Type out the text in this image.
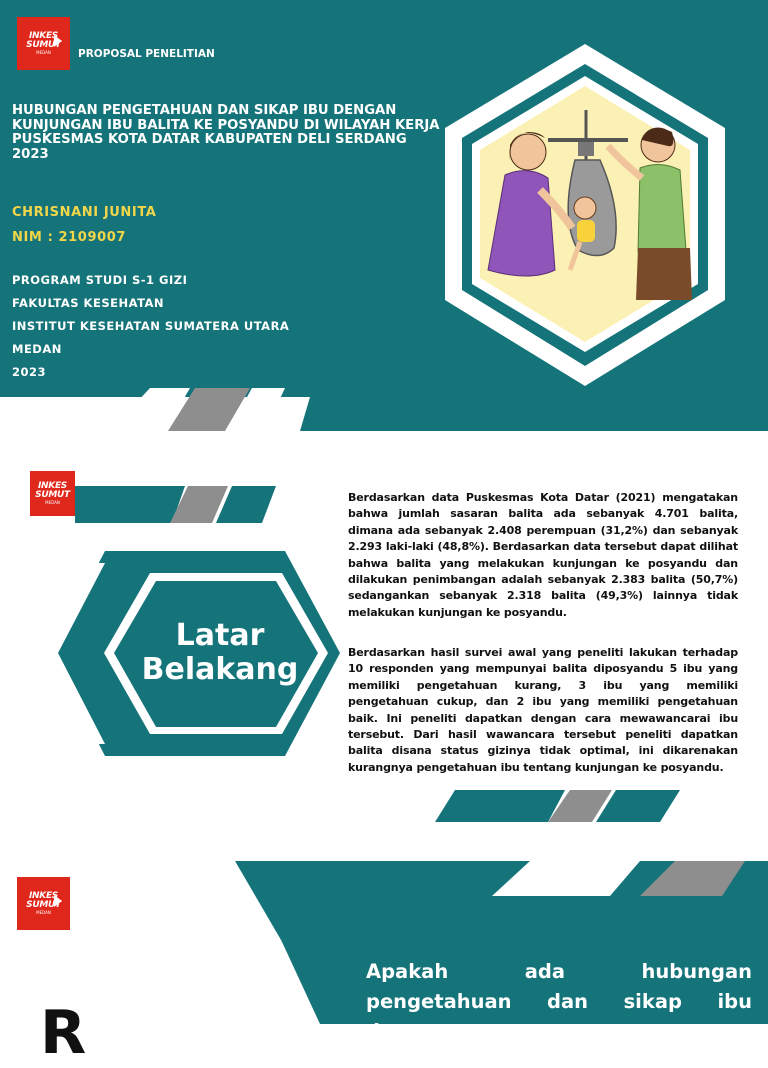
INKES
SUMUT
MEDAN	PROPOSAL PENELITIAN
HUBUNGAN PENGETAHUAN DAN SIKAP IBU DENGAN KUNJUNGAN IBU BALITA KE POSYANDU DI WILAYAH KERJA PUSKESMAS KOTA DATAR KABUPATEN DELI SERDANG 2023
CHRISNANI JUNITA
NIM : 2109007
PROGRAM STUDI S-1 GIZI
FAKULTAS KESEHATAN
INSTITUT KESEHATAN SUMATERA UTARA
MEDAN
2023
INKES
SUMUT
MEDAN
Latar
Belakang

Berdasarkan data Puskesmas Kota Datar (2021) mengatakan bahwa jumlah sasaran balita ada sebanyak 4.701 balita, dimana ada sebanyak 2.408 perempuan (31,2%) dan sebanyak 2.293 laki-laki (48,8%). Berdasarkan data tersebut dapat dilihat bahwa balita yang melakukan kunjungan ke posyandu dan dilakukan penimbangan adalah sebanyak 2.383 balita (50,7%) sedangankan sebanyak 2.318 balita (49,3%) lainnya tidak melakukan kunjungan ke posyandu.

Berdasarkan hasil survei awal yang peneliti lakukan terhadap 10 responden yang mempunyai balita diposyandu 5 ibu yang memiliki pengetahuan kurang, 3 ibu yang memiliki pengetahuan cukup, dan 2 ibu yang memiliki pengetahuan baik. Ini peneliti dapatkan dengan cara mewawancarai ibu tersebut. Dari hasil wawancara tersebut peneliti dapatkan balita disana status gizinya tidak optimal, ini dikarenakan kurangnya pengetahuan ibu tentang kunjungan ke posyandu.

INKES
SUMUT
MEDAN
Apakah ada hubungan
pengetahuan dan sikap ibu dengan
R
